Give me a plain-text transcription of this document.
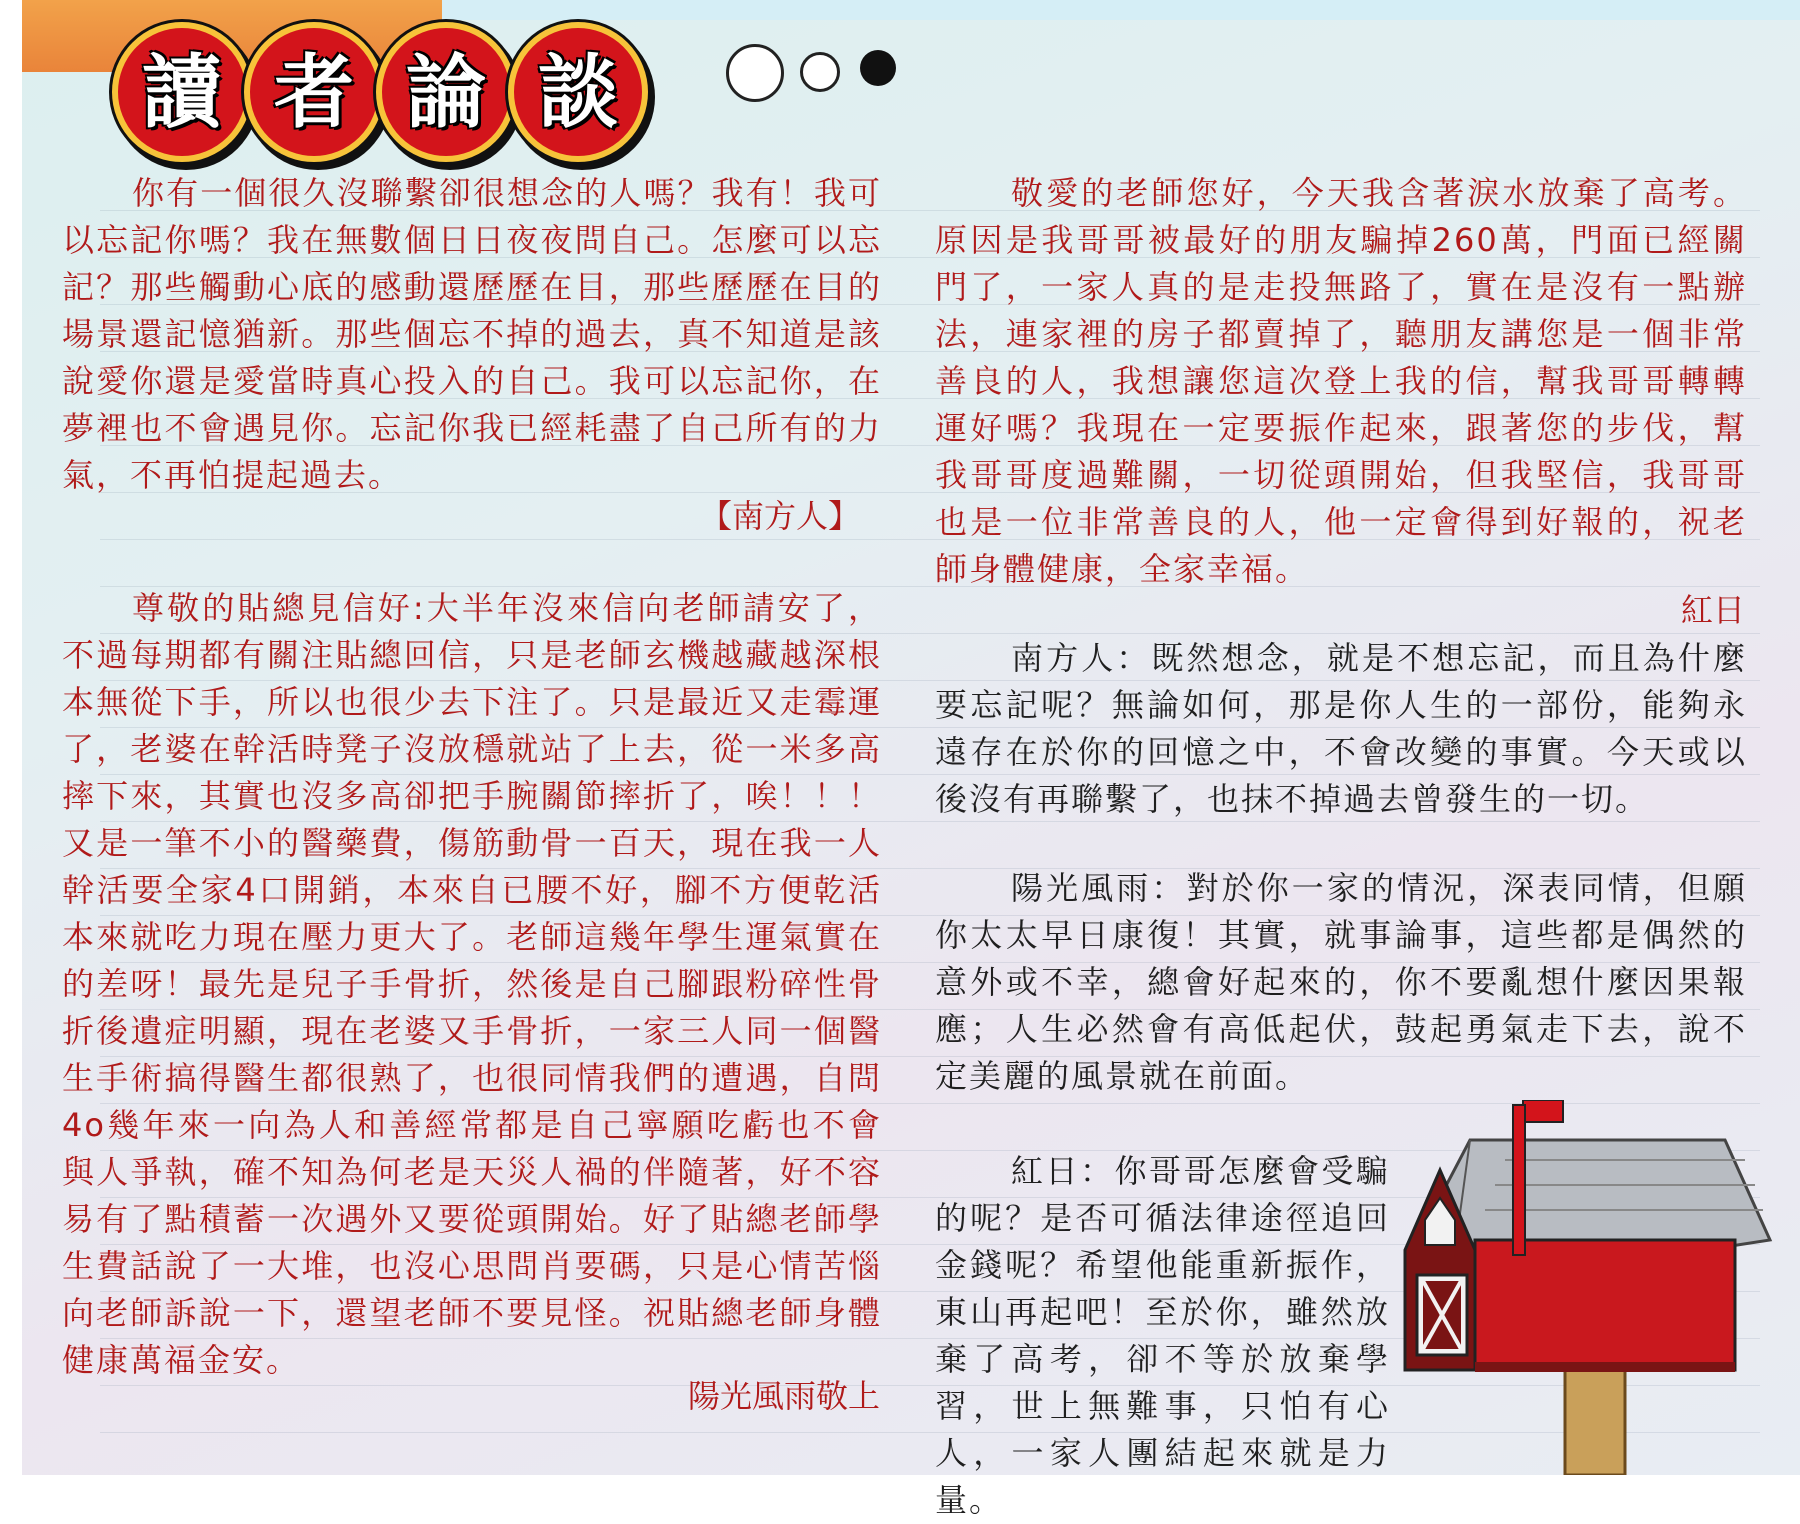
讀 者 論 談
你有一個很久沒聯繫卻很想念的人嗎？我有！我可以忘記你嗎？我在無數個日日夜夜問自己。怎麼可以忘記？那些觸動心底的感動還歷歷在目，那些歷歷在目的場景還記憶猶新。那些個忘不掉的過去，真不知道是該說愛你還是愛當時真心投入的自己。我可以忘記你，在夢裡也不會遇見你。忘記你我已經耗盡了自己所有的力氣，不再怕提起過去。
【南方人】
尊敬的貼總見信好:大半年沒來信向老師請安了，不過每期都有關注貼總回信，只是老師玄機越藏越深根本無從下手，所以也很少去下注了。只是最近又走霉運了，老婆在幹活時凳子沒放穩就站了上去，從一米多高摔下來，其實也沒多高卻把手腕關節摔折了，唉！！！又是一筆不小的醫藥費，傷筋動骨一百天，現在我一人幹活要全家4口開銷，本來自已腰不好，腳不方便乾活本來就吃力現在壓力更大了。老師這幾年學生運氣實在的差呀！最先是兒子手骨折，然後是自己腳跟粉碎性骨折後遺症明顯，現在老婆又手骨折，一家三人同一個醫生手術搞得醫生都很熟了，也很同情我們的遭遇，自問4o幾年來一向為人和善經常都是自己寧願吃虧也不會與人爭執，確不知為何老是天災人禍的伴隨著，好不容易有了點積蓄一次遇外又要從頭開始。好了貼總老師學生費話說了一大堆，也沒心思問肖要碼，只是心情苦惱向老師訴說一下，還望老師不要見怪。祝貼總老師身體健康萬福金安。
陽光風雨敬上
敬愛的老師您好，今天我含著淚水放棄了高考。原因是我哥哥被最好的朋友騙掉260萬，門面已經關門了，一家人真的是走投無路了，實在是沒有一點辦法，連家裡的房子都賣掉了，聽朋友講您是一個非常善良的人，我想讓您這次登上我的信，幫我哥哥轉轉運好嗎？我現在一定要振作起來，跟著您的步伐，幫我哥哥度過難關，一切從頭開始，但我堅信，我哥哥也是一位非常善良的人，他一定會得到好報的，祝老師身體健康，全家幸福。
紅日
南方人：既然想念，就是不想忘記，而且為什麼要忘記呢？無論如何，那是你人生的一部份，能夠永遠存在於你的回憶之中，不會改變的事實。今天或以後沒有再聯繫了，也抹不掉過去曾發生的一切。
陽光風雨：對於你一家的情況，深表同情，但願你太太早日康復！其實，就事論事，這些都是偶然的意外或不幸，總會好起來的，你不要亂想什麼因果報應；人生必然會有高低起伏，鼓起勇氣走下去，說不定美麗的風景就在前面。
紅日：你哥哥怎麼會受騙的呢？是否可循法律途徑追回金錢呢？希望他能重新振作，東山再起吧！至於你，雖然放棄了高考，卻不等於放棄學習，世上無難事，只怕有心人，一家人團結起來就是力量。
